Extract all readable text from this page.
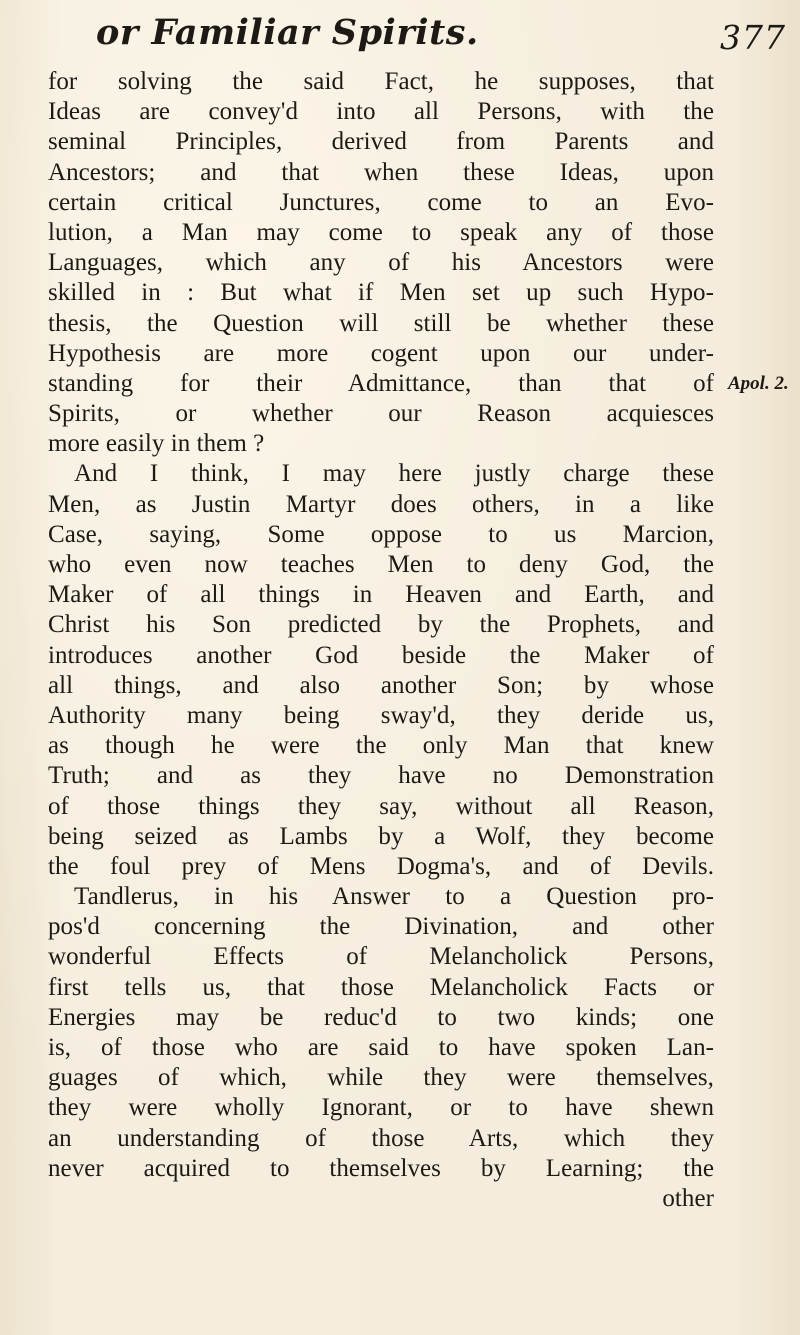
or Familiar Spirits.	377
Apol. 2.
for solving the said Fact, he supposes, that
Ideas are convey'd into all Persons, with the
seminal Principles, derived from Parents and
Ancestors; and that when these Ideas, upon
certain critical Junctures, come to an Evo-
lution, a Man may come to speak any of those
Languages, which any of his Ancestors were
skilled in : But what if Men set up such Hypo-
thesis, the Question will still be whether these
Hypothesis are more cogent upon our under-
standing for their Admittance, than that of
Spirits, or whether our Reason acquiesces
more easily in them ?
And I think, I may here justly charge these
Men, as Justin Martyr does others, in a like
Case, saying, Some oppose to us Marcion,
who even now teaches Men to deny God, the
Maker of all things in Heaven and Earth, and
Christ his Son predicted by the Prophets, and
introduces another God beside the Maker of
all things, and also another Son; by whose
Authority many being sway'd, they deride us,
as though he were the only Man that knew
Truth; and as they have no Demonstration
of those things they say, without all Reason,
being seized as Lambs by a Wolf, they become
the foul prey of Mens Dogma's, and of Devils.
Tandlerus, in his Answer to a Question pro-
pos'd concerning the Divination, and other
wonderful Effects of Melancholick Persons,
first tells us, that those Melancholick Facts or
Energies may be reduc'd to two kinds; one
is, of those who are said to have spoken Lan-
guages of which, while they were themselves,
they were wholly Ignorant, or to have shewn
an understanding of those Arts, which they
never acquired to themselves by Learning; the
other
